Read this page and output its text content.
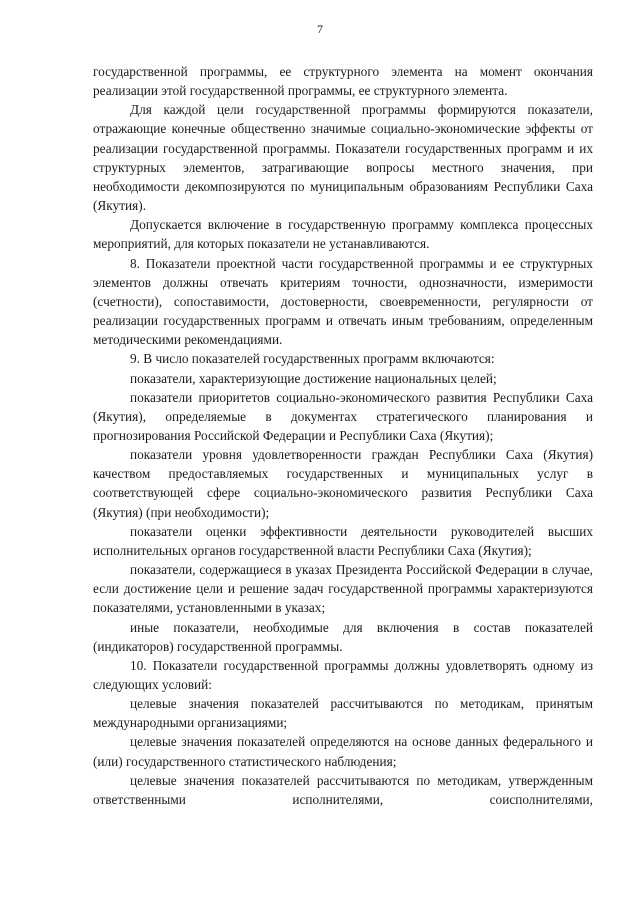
7

государственной программы, ее структурного элемента на момент окончания реализации этой государственной программы, ее структурного элемента.

Для каждой цели государственной программы формируются показатели, отражающие конечные общественно значимые социально-экономические эффекты от реализации государственной программы. Показатели государственных программ и их структурных элементов, затрагивающие вопросы местного значения, при необходимости декомпозируются по муниципальным образованиям Республики Саха (Якутия).

Допускается включение в государственную программу комплекса процессных мероприятий, для которых показатели не устанавливаются.

8. Показатели проектной части государственной программы и ее структурных элементов должны отвечать критериям точности, однозначности, измеримости (счетности), сопоставимости, достоверности, своевременности, регулярности от реализации государственных программ и отвечать иным требованиям, определенным методическими рекомендациями.

9. В число показателей государственных программ включаются:

показатели, характеризующие достижение национальных целей;

показатели приоритетов социально-экономического развития Республики Саха (Якутия), определяемые в документах стратегического планирования и прогнозирования Российской Федерации и Республики Саха (Якутия);

показатели уровня удовлетворенности граждан Республики Саха (Якутия) качеством предоставляемых государственных и муниципальных услуг в соответствующей сфере социально-экономического развития Республики Саха (Якутия) (при необходимости);

показатели оценки эффективности деятельности руководителей высших исполнительных органов государственной власти Республики Саха (Якутия);

показатели, содержащиеся в указах Президента Российской Федерации в случае, если достижение цели и решение задач государственной программы характеризуются показателями, установленными в указах;

иные показатели, необходимые для включения в состав показателей (индикаторов) государственной программы.

10. Показатели государственной программы должны удовлетворять одному из следующих условий:

целевые значения показателей рассчитываются по методикам, принятым международными организациями;

целевые значения показателей определяются на основе данных федерального и (или) государственного статистического наблюдения;

целевые значения показателей рассчитываются по методикам, утвержденным ответственными исполнителями, соисполнителями,
